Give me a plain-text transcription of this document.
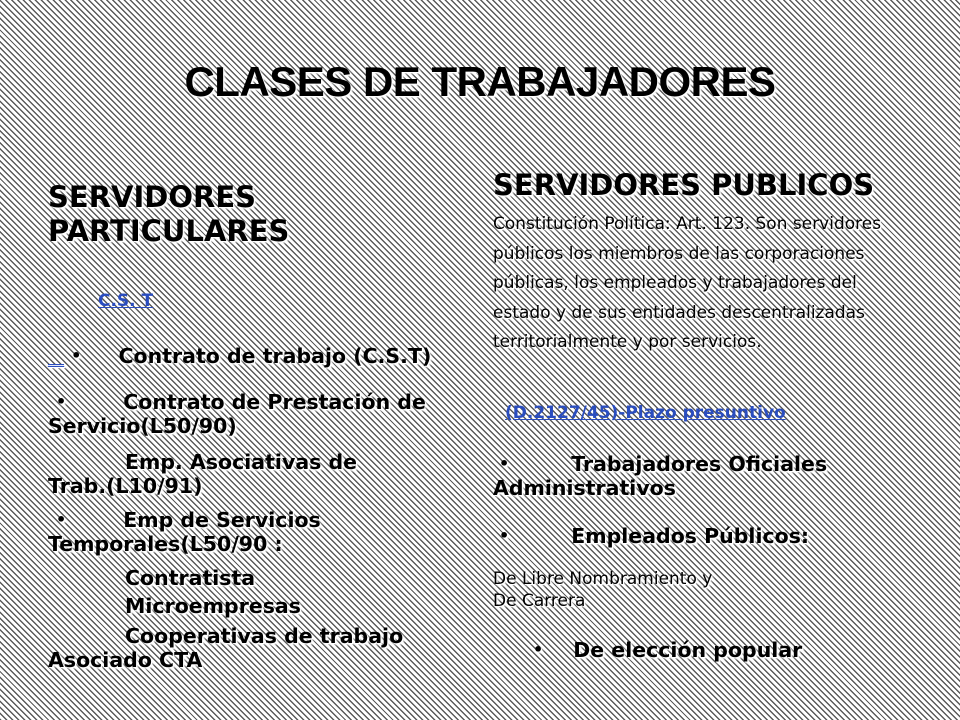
CLASES DE TRABAJADORES
SERVIDORES PARTICULARES
C.S. T
__ • Contrato de trabajo (C.S.T)
•	Contrato de Prestación de
Servicio(L50/90)
Emp. Asociativas de
Trab.(L10/91)
•	Emp de Servicios
Temporales(L50/90 :
Contratista
Microempresas
Cooperativas de trabajo
Asociado CTA
SERVIDORES PUBLICOS
Constitución Política: Art. 123. Son servidores públicos los miembros de las corporaciones públicas, los empleados y trabajadores del estado y de sus entidades descentralizadas territorialmente y por servicios.
(D.2127/45)-Plazo presuntivo
•	Trabajadores Oficiales
Administrativos
•	Empleados Públicos:
De Libre Nombramiento y
De Carrera
• De elección popular
